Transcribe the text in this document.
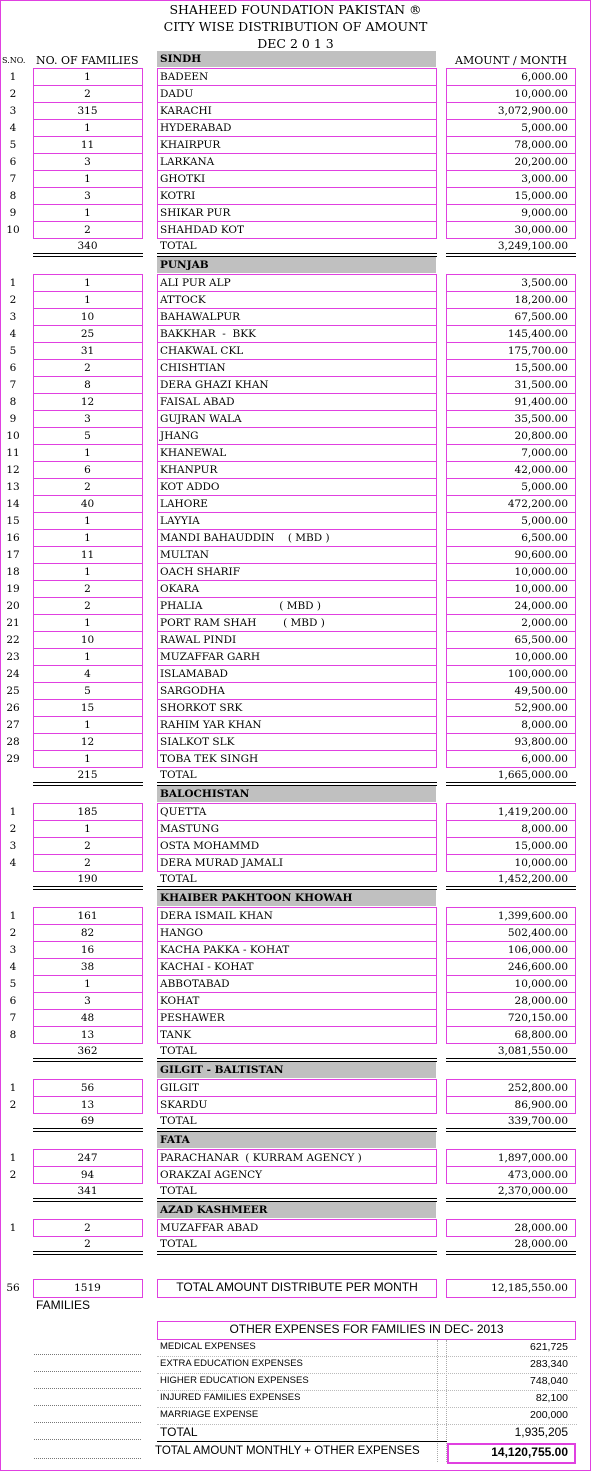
SHAHEED FOUNDATION PAKISTAN ®
CITY WISE DISTRIBUTION OF AMOUNT
DEC 2 0 1 3
S.NO. NO. OF FAMILIES	AMOUNT / MONTH
SINDH
1	1	BADEEN	6,000.00
2	2	DADU	10,000.00
3	315	KARACHI	3,072,900.00
4	1	HYDERABAD	5,000.00
5	11	KHAIRPUR	78,000.00
6	3	LARKANA	20,200.00
7	1	GHOTKI	3,000.00
8	3	KOTRI	15,000.00
9	1	SHIKAR PUR	9,000.00
10	2	SHAHDAD KOT	30,000.00
340	TOTAL	3,249,100.00
PUNJAB
1	1	ALI PUR ALP	3,500.00
2	1	ATTOCK	18,200.00
3	10	BAHAWALPUR	67,500.00
4	25	BAKKHAR  -  BKK	145,400.00
5	31	CHAKWAL CKL	175,700.00
6	2	CHISHTIAN	15,500.00
7	8	DERA GHAZI KHAN	31,500.00
8	12	FAISAL ABAD	91,400.00
9	3	GUJRAN WALA	35,500.00
10	5	JHANG	20,800.00
11	1	KHANEWAL	7,000.00
12	6	KHANPUR	42,000.00
13	2	KOT ADDO	5,000.00
14	40	LAHORE	472,200.00
15	1	LAYYIA	5,000.00
16	1	MANDI BAHAUDDIN    ( MBD )	6,500.00
17	11	MULTAN	90,600.00
18	1	OACH SHARIF	10,000.00
19	2	OKARA	10,000.00
20	2	PHALIA                       ( MBD )	24,000.00
21	1	PORT RAM SHAH        ( MBD )	2,000.00
22	10	RAWAL PINDI	65,500.00
23	1	MUZAFFAR GARH	10,000.00
24	4	ISLAMABAD	100,000.00
25	5	SARGODHA	49,500.00
26	15	SHORKOT SRK	52,900.00
27	1	RAHIM YAR KHAN	8,000.00
28	12	SIALKOT SLK	93,800.00
29	1	TOBA TEK SINGH	6,000.00
215	TOTAL	1,665,000.00
BALOCHISTAN
1	185	QUETTA	1,419,200.00
2	1	MASTUNG	8,000.00
3	2	OSTA MOHAMMD	15,000.00
4	2	DERA MURAD JAMALI	10,000.00
190	TOTAL	1,452,200.00
KHAIBER PAKHTOON KHOWAH
1	161	DERA ISMAIL KHAN	1,399,600.00
2	82	HANGO	502,400.00
3	16	KACHA PAKKA - KOHAT	106,000.00
4	38	KACHAI - KOHAT	246,600.00
5	1	ABBOTABAD	10,000.00
6	3	KOHAT	28,000.00
7	48	PESHAWER	720,150.00
8	13	TANK	68,800.00
362	TOTAL	3,081,550.00
GILGIT - BALTISTAN
1	56	GILGIT	252,800.00
2	13	SKARDU	86,900.00
69	TOTAL	339,700.00
FATA
1	247	PARACHANAR  ( KURRAM AGENCY )	1,897,000.00
2	94	ORAKZAI AGENCY	473,000.00
341	TOTAL	2,370,000.00
AZAD KASHMEER
1	2	MUZAFFAR ABAD	28,000.00
2	TOTAL	28,000.00
56	1519	TOTAL AMOUNT DISTRIBUTE PER MONTH	12,185,550.00
FAMILIES
OTHER EXPENSES FOR FAMILIES IN DEC- 2013
MEDICAL EXPENSES	621,725
EXTRA EDUCATION EXPENSES	283,340
HIGHER EDUCATION EXPENSES	748,040
INJURED FAMILIES EXPENSES	82,100
MARRIAGE EXPENSE	200,000
TOTAL	1,935,205
TOTAL AMOUNT MONTHLY + OTHER EXPENSES	14,120,755.00
